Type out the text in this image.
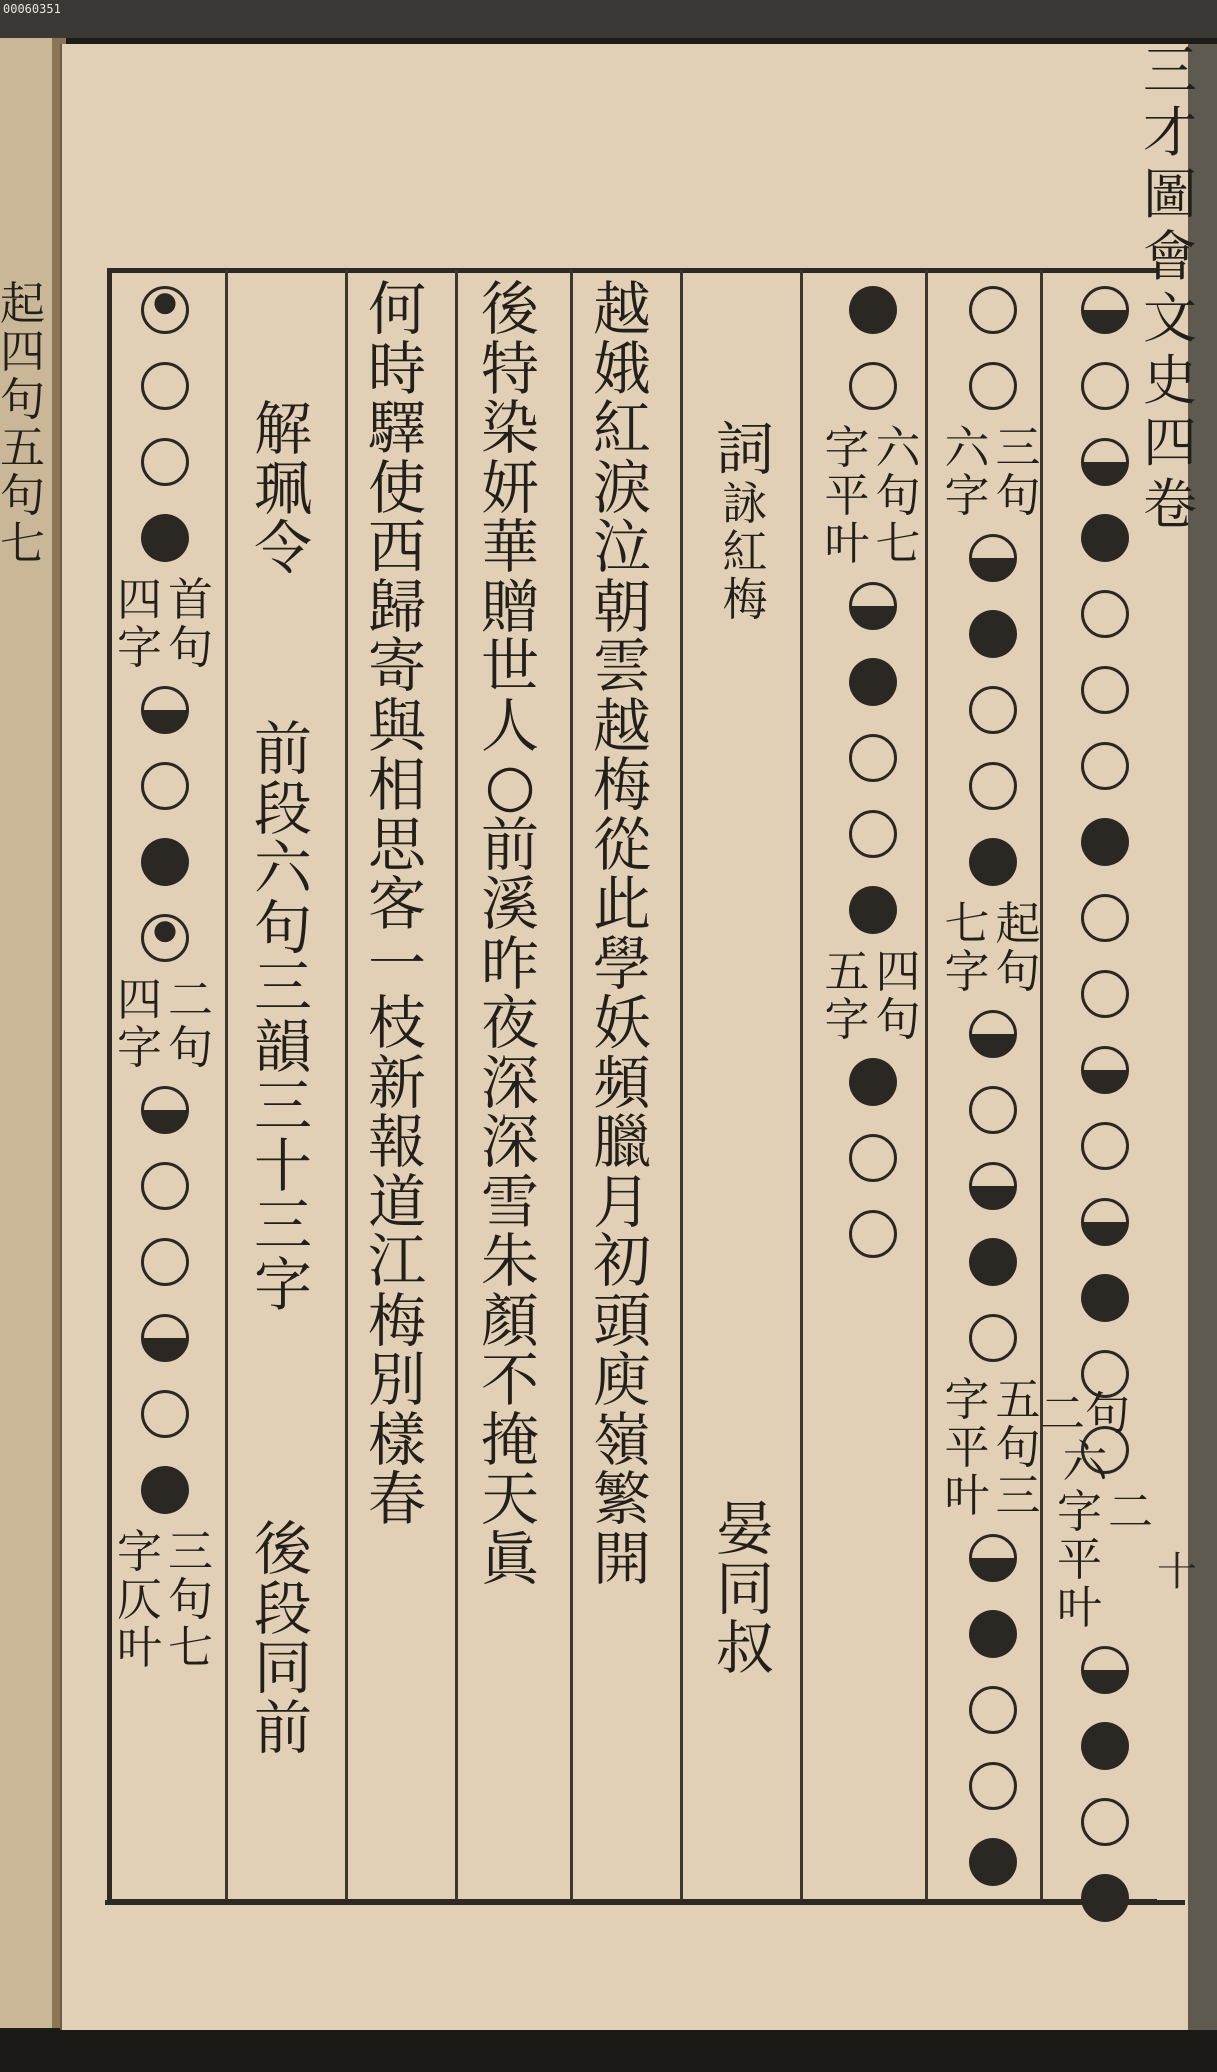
00060351
起
四
句
五
句
七
三
才
圖
會
文
史
四
卷
十
二
字
平
叶
二句六
三
句
六
字
起
句
七
字
五
句
三
字
平
叶
六
句
七
字
平
叶
四
句
五
字
詞
詠
紅
梅
晏
同
叔
越
娥
紅
淚
泣
朝
雲
越
梅
從
此
學
妖
頻
臘
月
初
頭
庾
嶺
繁
開
後
特
染
妍
華
贈
世
人
○
前
溪
昨
夜
深
深
雪
朱
顏
不
掩
天
眞
何
時
驛
使
西
歸
寄
與
相
思
客
一
枝
新
報
道
江
梅
別
樣
春
解
珮
令
前
段
六
句
三
韻
三
十
三
字
後
段
同
前
首
句
四
字
二
句
四
字
三
句
七
字
仄
叶
